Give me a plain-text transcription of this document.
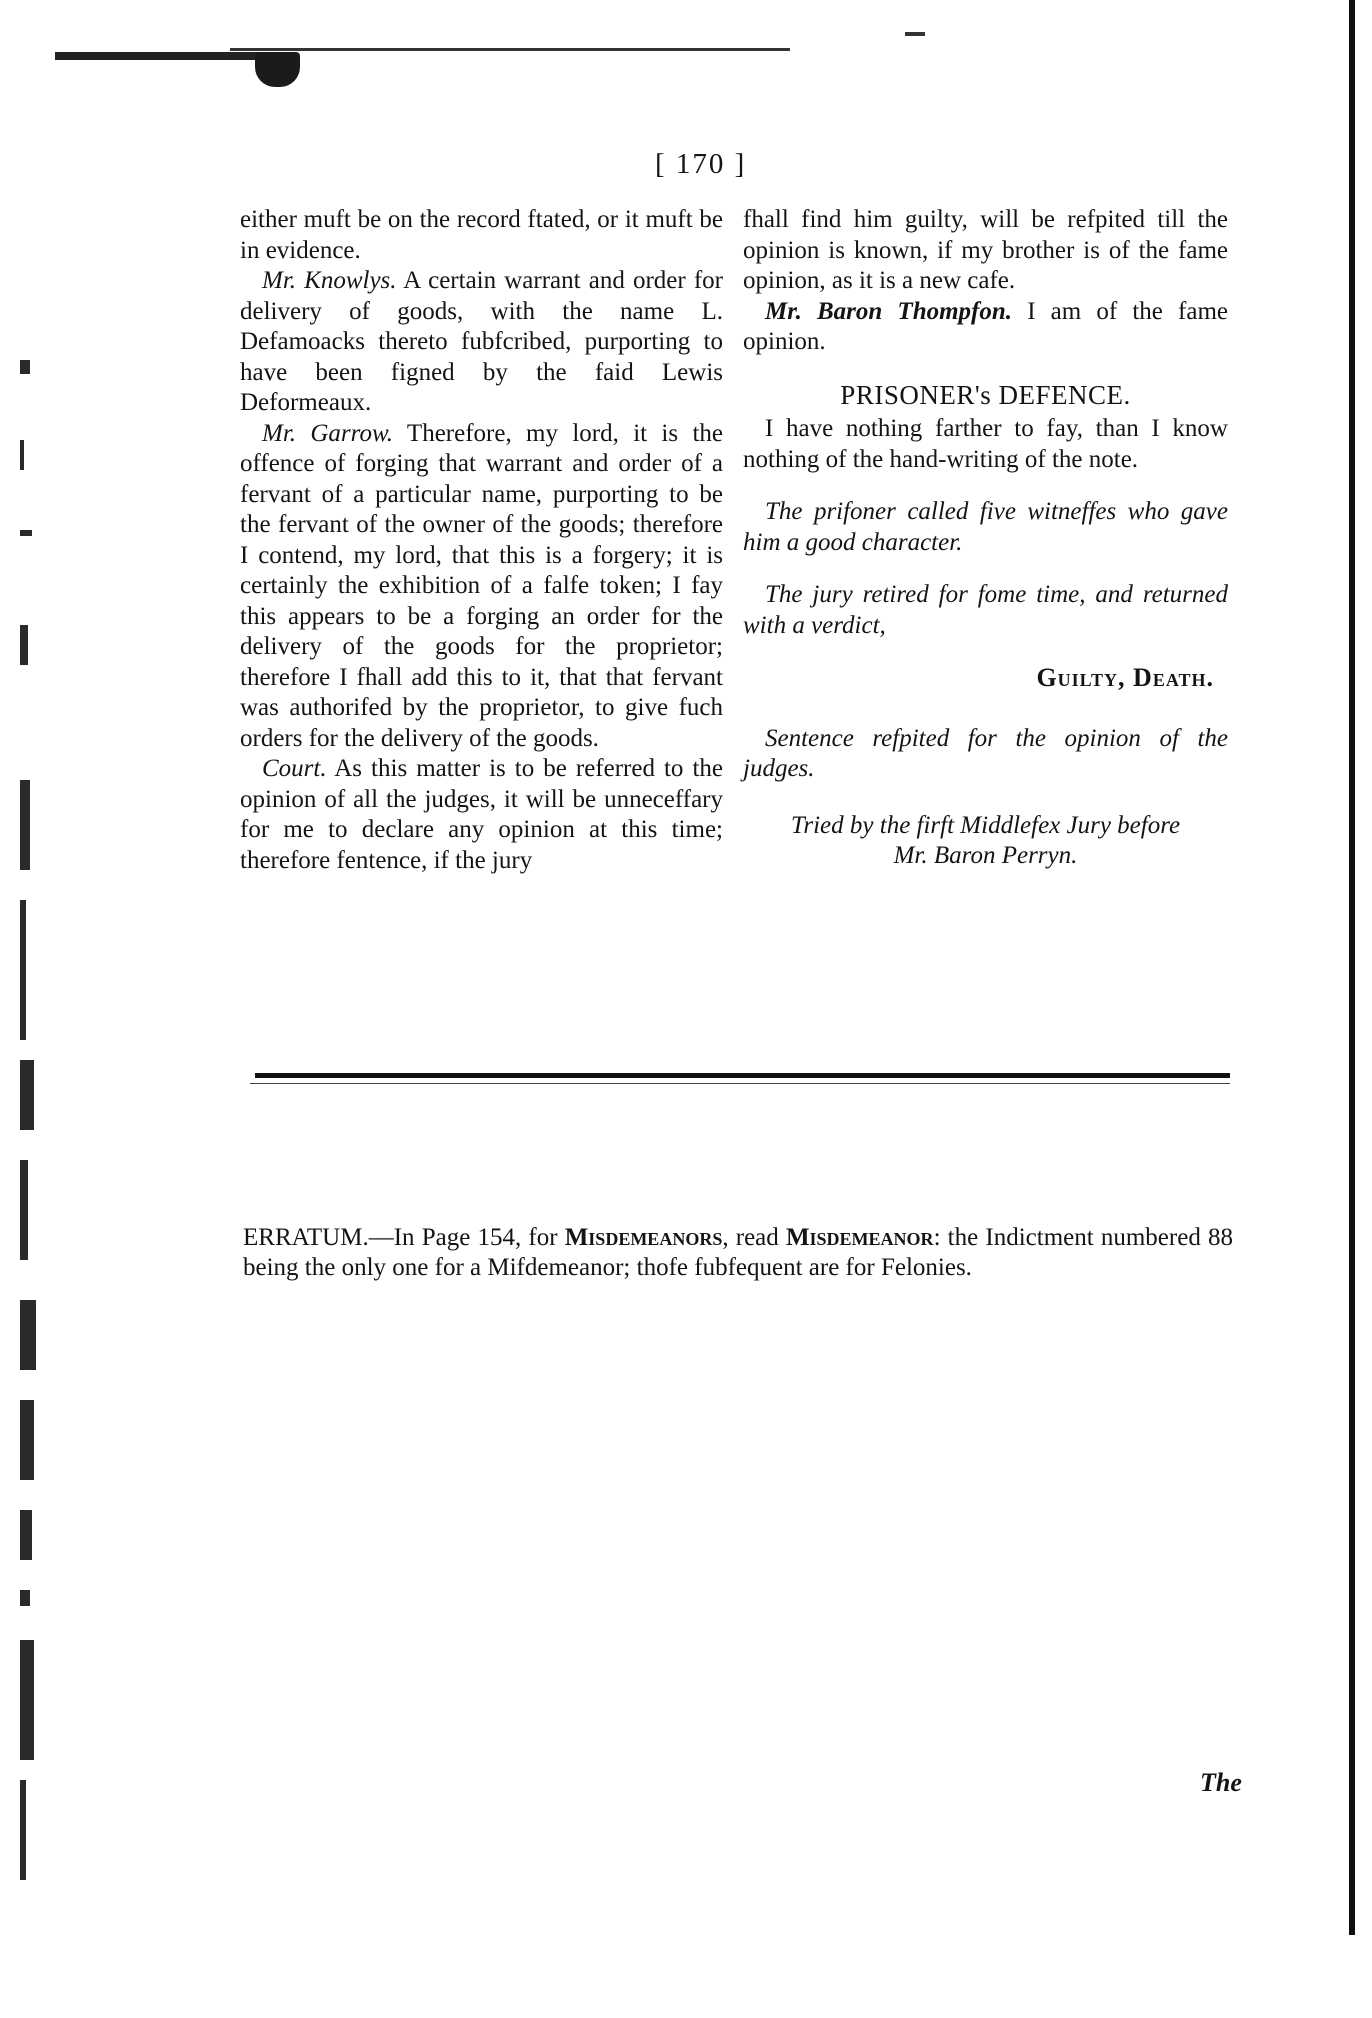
[ 170 ]

either muft be on the record ftated, or it muft be in evidence.

Mr. Knowlys. A certain warrant and order for delivery of goods, with the name L. Defamoacks thereto fubfcribed, purporting to have been figned by the faid Lewis Deformeaux.

Mr. Garrow. Therefore, my lord, it is the offence of forging that warrant and order of a fervant of a particular name, purporting to be the fervant of the owner of the goods; therefore I contend, my lord, that this is a forgery; it is certainly the exhibition of a falfe token; I fay this appears to be a forging an order for the delivery of the goods for the proprietor; therefore I fhall add this to it, that that fervant was authorifed by the proprietor, to give fuch orders for the delivery of the goods.

Court. As this matter is to be referred to the opinion of all the judges, it will be unneceffary for me to declare any opinion at this time; therefore fentence, if the jury

fhall find him guilty, will be refpited till the opinion is known, if my brother is of the fame opinion, as it is a new cafe.

Mr. Baron Thompfon. I am of the fame opinion.

PRISONER's DEFENCE.

I have nothing farther to fay, than I know nothing of the hand-writing of the note.

The prifoner called five witneffes who gave him a good character.

The jury retired for fome time, and returned with a verdict,

Guilty, Death.

Sentence refpited for the opinion of the judges.

Tried by the firft Middlefex Jury before

Mr. Baron Perryn.

ERRATUM.—In Page 154, for Misdemeanors, read Misdemeanor: the Indictment numbered 88 being the only one for a Mifdemeanor; thofe fubfequent are for Felonies.
The
